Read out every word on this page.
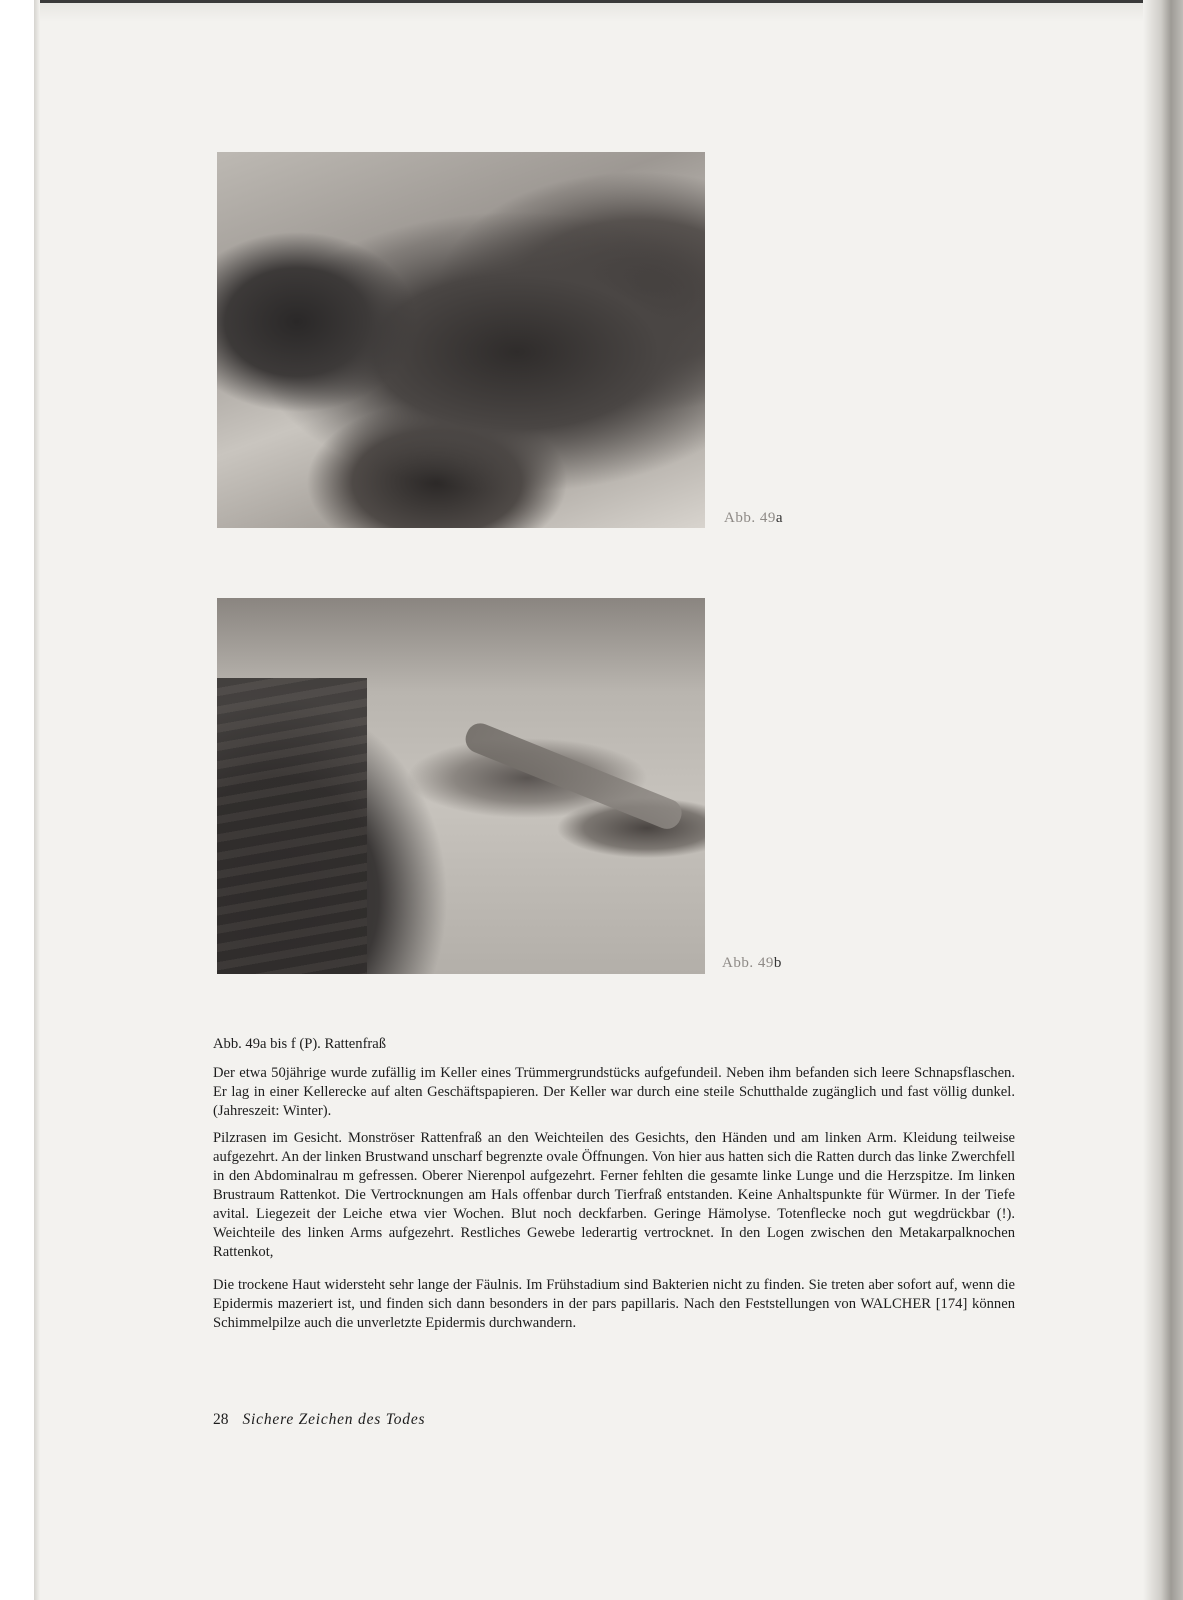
Abb. 49a
Abb. 49b
Abb. 49a bis f (P). Rattenfraß
Der etwa 50jährige wurde zufällig im Keller eines Trümmergrundstücks aufgefundeil. Neben ihm befanden sich leere Schnapsflaschen. Er lag in einer Kellerecke auf alten Geschäftspapieren. Der Keller war durch eine steile Schutthalde zugänglich und fast völlig dunkel. (Jahreszeit: Winter).
Pilzrasen im Gesicht. Monströser Rattenfraß an den Weichteilen des Gesichts, den Händen und am linken Arm. Kleidung teilweise aufgezehrt. An der linken Brustwand unscharf begrenzte ovale Öffnungen. Von hier aus hatten sich die Ratten durch das linke Zwerchfell in den Abdominalrau m gefressen. Oberer Nierenpol aufgezehrt. Ferner fehlten die gesamte linke Lunge und die Herzspitze. Im linken Brustraum Rattenkot. Die Vertrocknungen am Hals offenbar durch Tierfraß entstanden. Keine Anhaltspunkte für Würmer. In der Tiefe avital. Liegezeit der Leiche etwa vier Wochen. Blut noch deckfarben. Geringe Hämolyse. Totenflecke noch gut wegdrückbar (!). Weichteile des linken Arms aufgezehrt. Restliches Gewebe lederartig vertrocknet. In den Logen zwischen den Metakarpalknochen Rattenkot,
Die trockene Haut widersteht sehr lange der Fäulnis. Im Frühstadium sind Bakterien nicht zu finden. Sie treten aber sofort auf, wenn die Epidermis mazeriert ist, und finden sich dann besonders in der pars papillaris. Nach den Feststellungen von WALCHER [174] können Schimmelpilze auch die unverletzte Epidermis durchwandern.
28 Sichere Zeichen des Todes
